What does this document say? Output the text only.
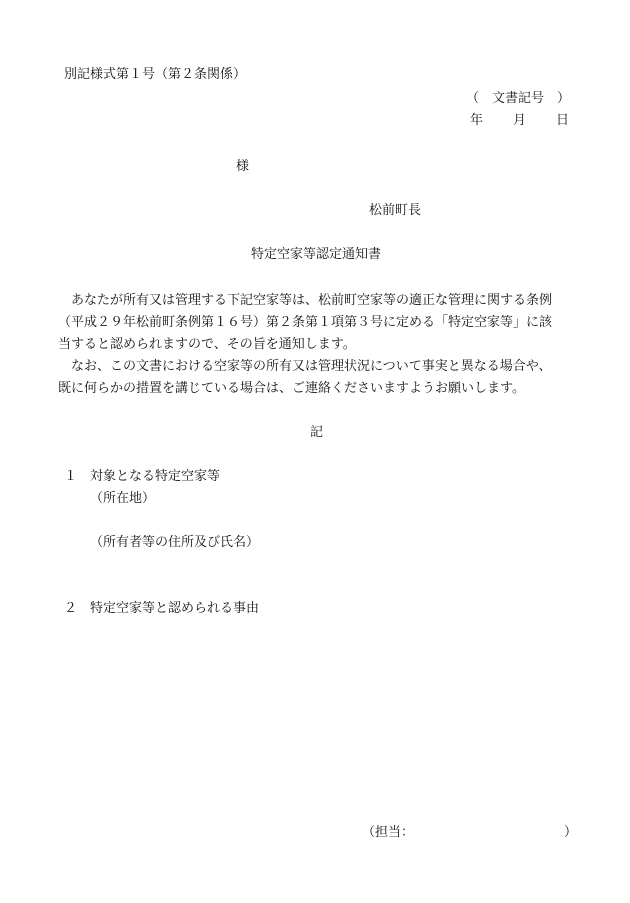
別記様式第１号（第２条関係）
（　文書記号　）
年 月 日
様
松前町長
特定空家等認定通知書

　あなたが所有又は管理する下記空家等は、松前町空家等の適正な管理に関する条例

（平成２９年松前町条例第１６号）第２条第１項第３号に定める「特定空家等」に該

当すると認められますので、その旨を通知します。

　なお、この文書における空家等の所有又は管理状況について事実と異なる場合や、

既に何らかの措置を講じている場合は、ご連絡くださいますようお願いします。

記
１　対象となる特定空家等
（所在地）
（所有者等の住所及び氏名）
２　特定空家等と認められる事由
（担当：	）
